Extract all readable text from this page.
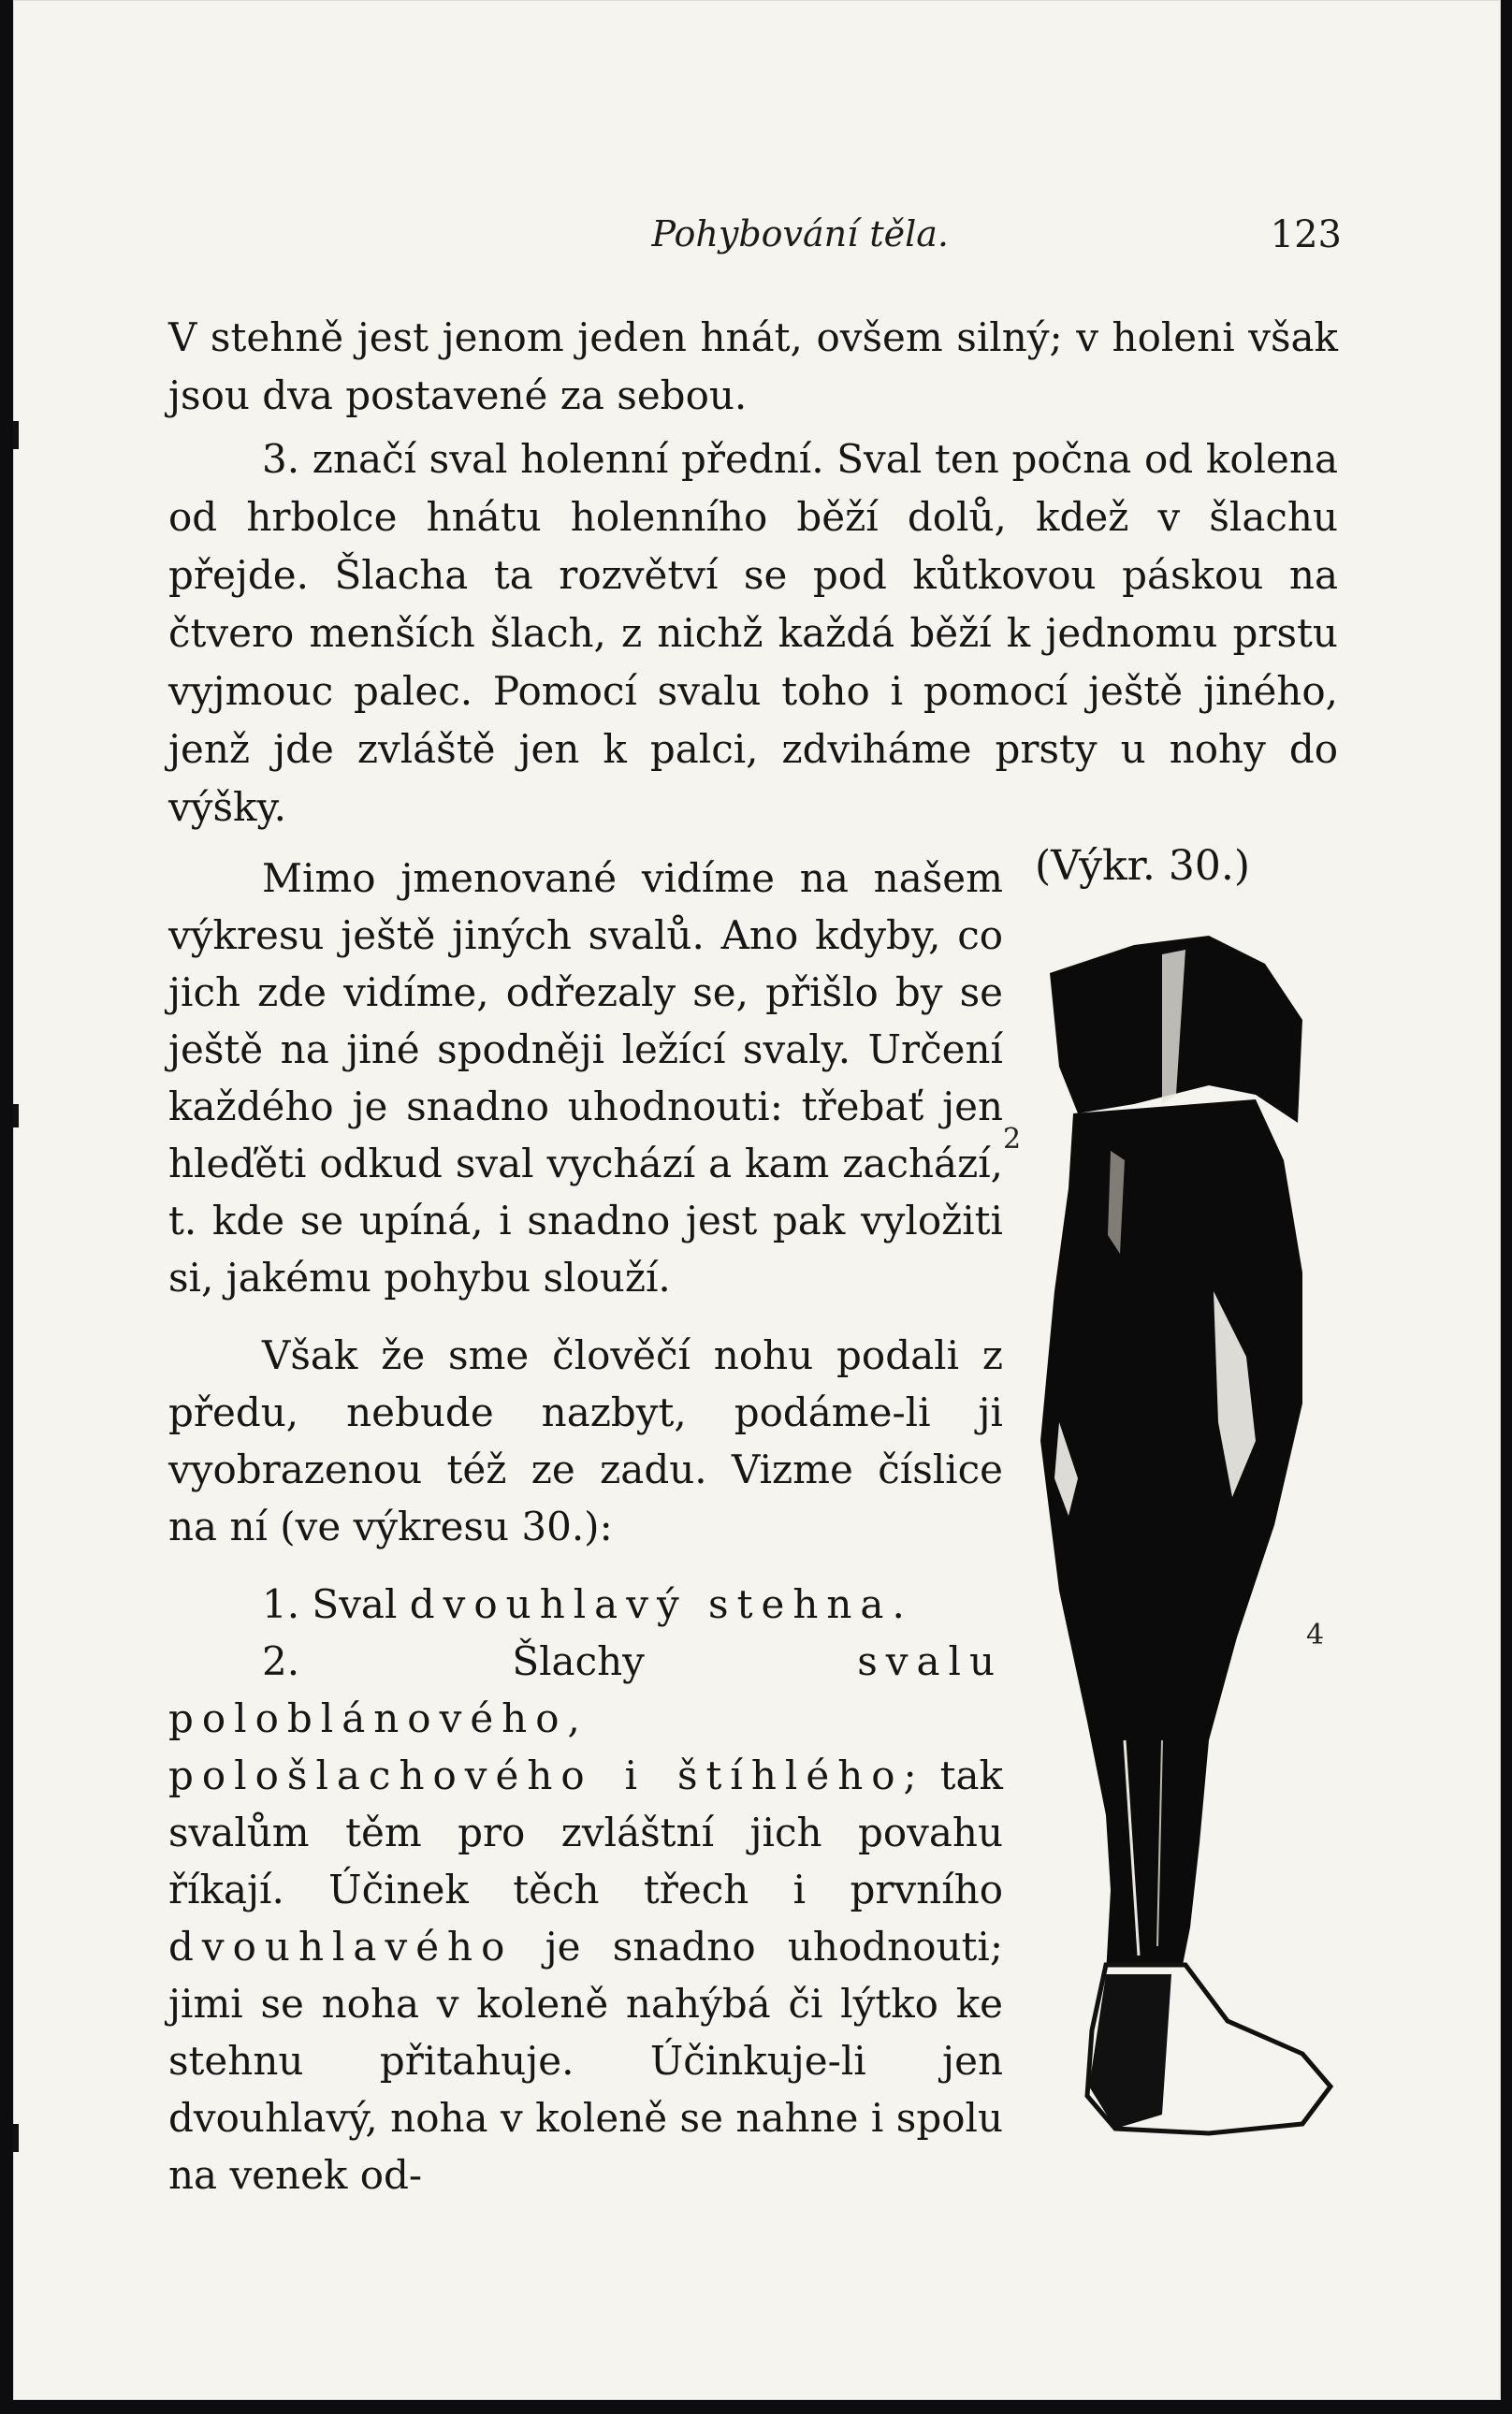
Pohybování těla.	123

V stehně jest jenom jeden hnát, ovšem silný; v holeni však jsou dva postavené za sebou.

3. značí sval holenní přední. Sval ten počna od kolena od hrbolce hnátu holenního běží dolů, kdež v šlachu přejde. Šlacha ta rozvětví se pod kůtkovou páskou na čtvero menších šlach, z nichž každá běží k jednomu prstu vyjmouc palec. Pomocí svalu toho i pomocí ještě jiného, jenž jde zvláště jen k palci, zdviháme prsty u nohy do výšky.

Mimo jmenované vidíme na našem výkresu ještě jiných svalů. Ano kdyby, co jich zde vidíme, odřezaly se, přišlo by se ještě na jiné spodněji ležící svaly. Určení každého je snadno uhodnouti: třebať jen hleďěti odkud sval vychází a kam zachází, t. kde se upíná, i snadno jest pak vyložiti si, jakému pohybu slouží.

Však že sme člověčí nohu podali z předu, nebude nazbyt, podáme-li ji vyobrazenou též ze zadu. Vizme číslice na ní (ve výkresu 30.):

1. Sval dvouhlavý stehna.

2. Šlachy svalu poloblánového, pološlachového i štíhlého; tak svalům těm pro zvláštní jich povahu říkají. Účinek těch třech i prvního dvouhlavého je snadno uhodnouti; jimi se noha v koleně nahýbá či lýtko ke stehnu přitahuje. Účinkuje-li jen dvouhlavý, noha v koleně se nahne i spolu na venek od-

(Výkr. 30.)
2
4
